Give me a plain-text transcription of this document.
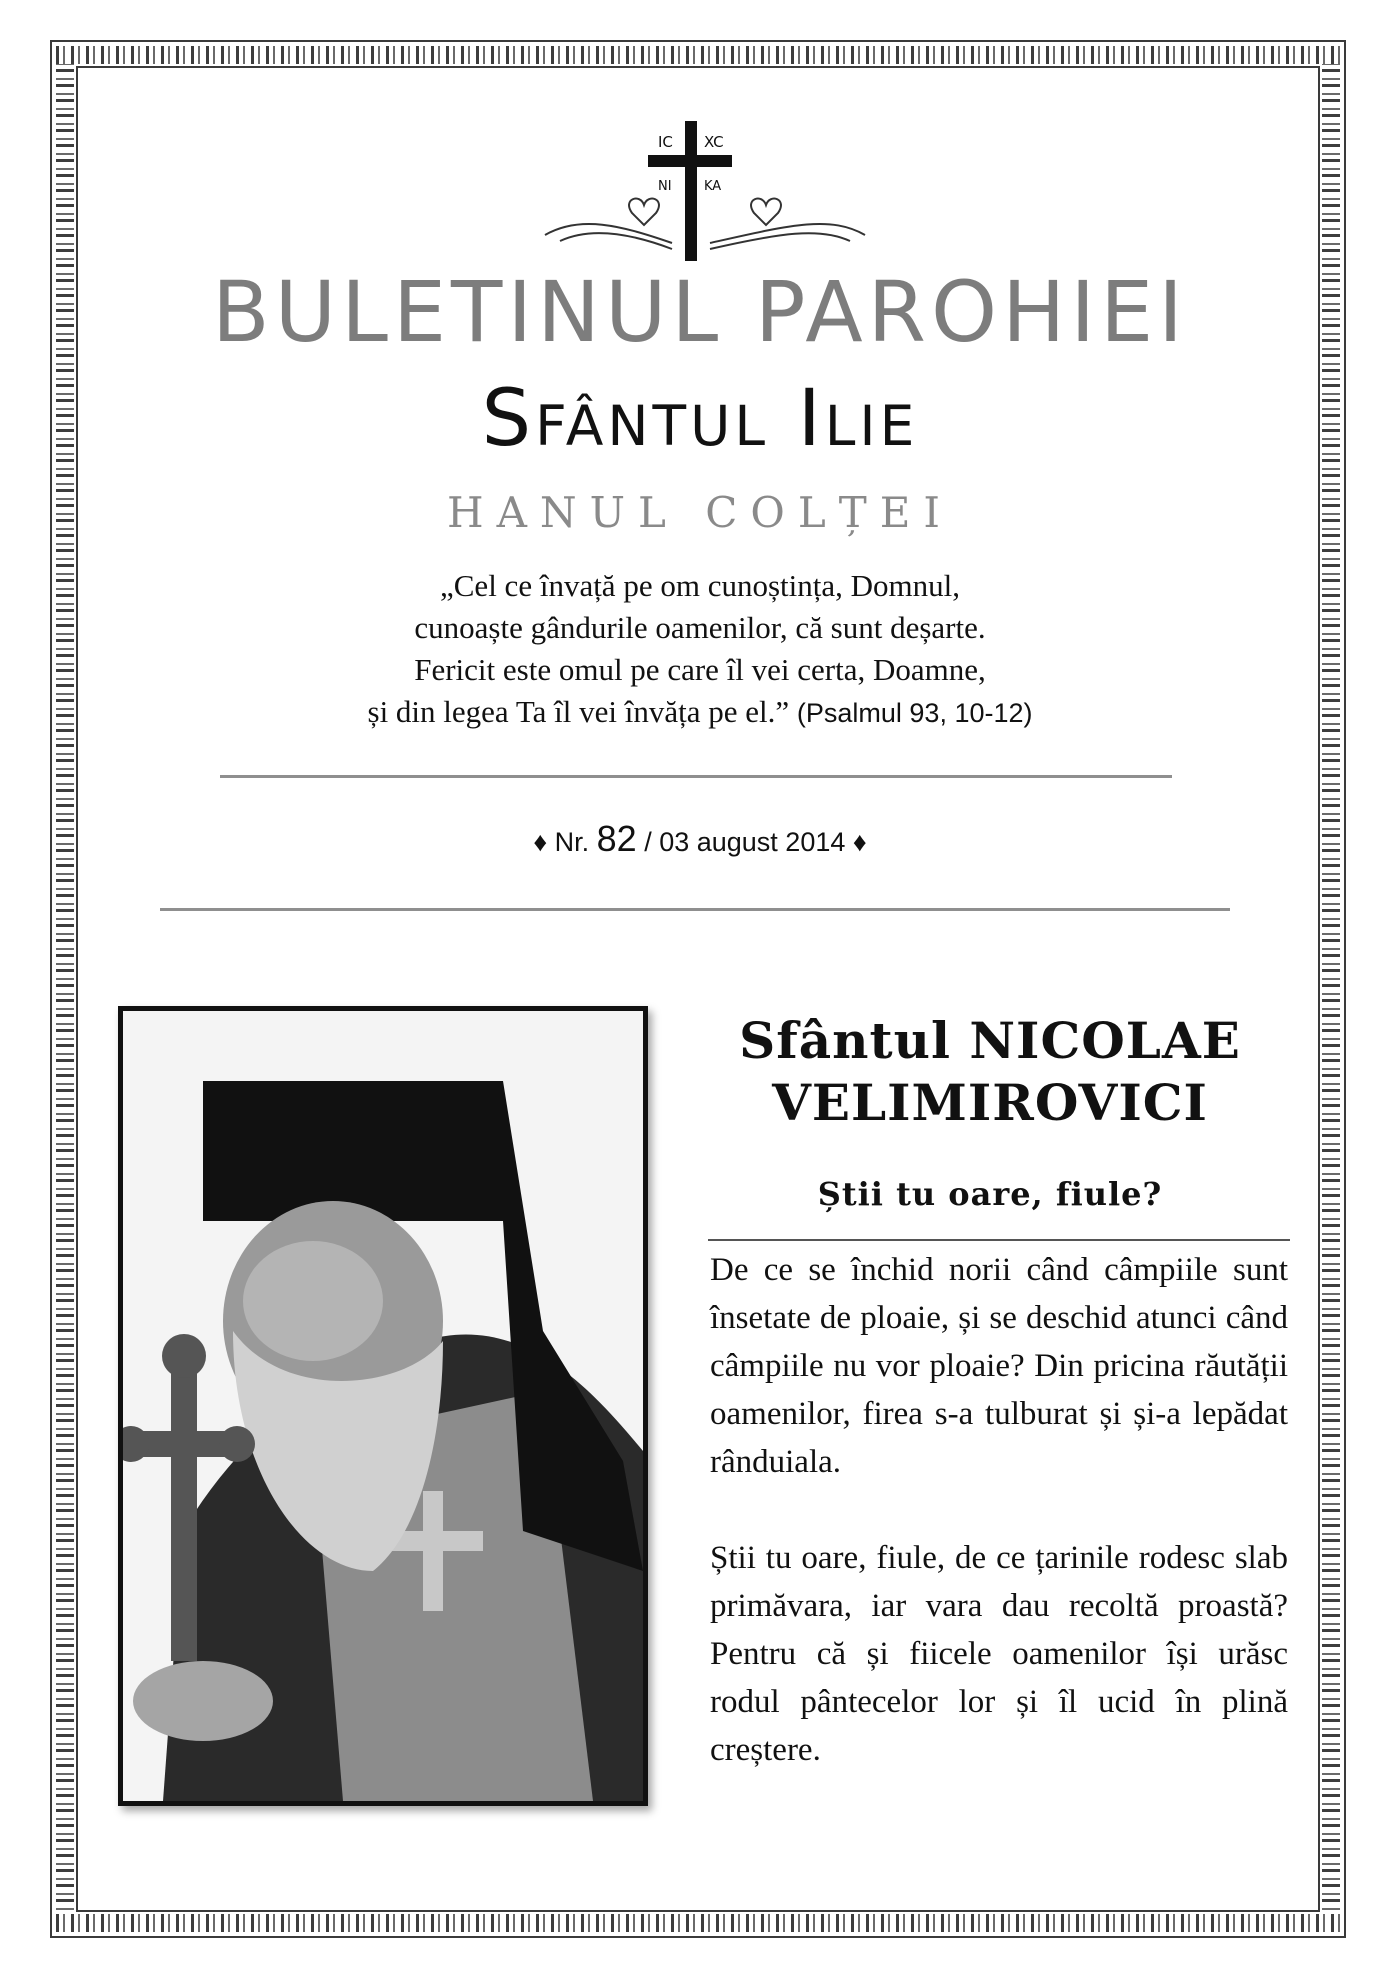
IC XC
NI KA
BULETINUL PAROHIEI
Sfântul Ilie
HANUL COLȚEI
„Cel ce învață pe om cunoștința, Domnul,
cunoaște gândurile oamenilor, că sunt deșarte.
Fericit este omul pe care îl vei certa, Doamne,
și din legea Ta îl vei învăța pe el.” (Psalmul 93, 10-12)
♦ Nr. 82 / 03 august 2014 ♦
Sfântul NICOLAE
VELIMIROVICI
Știi tu oare, fiule?

De ce se închid norii când câmpiile sunt însetate de ploaie, și se deschid atunci când câmpiile nu vor ploaie? Din pricina răutății oamenilor, firea s-a tulburat și și-a lepădat rânduiala.

Știi tu oare, fiule, de ce țarinile rodesc slab primăvara, iar vara dau recoltă proastă? Pentru că și fiicele oamenilor își urăsc rodul pântecelor lor și îl ucid în plină creștere.
